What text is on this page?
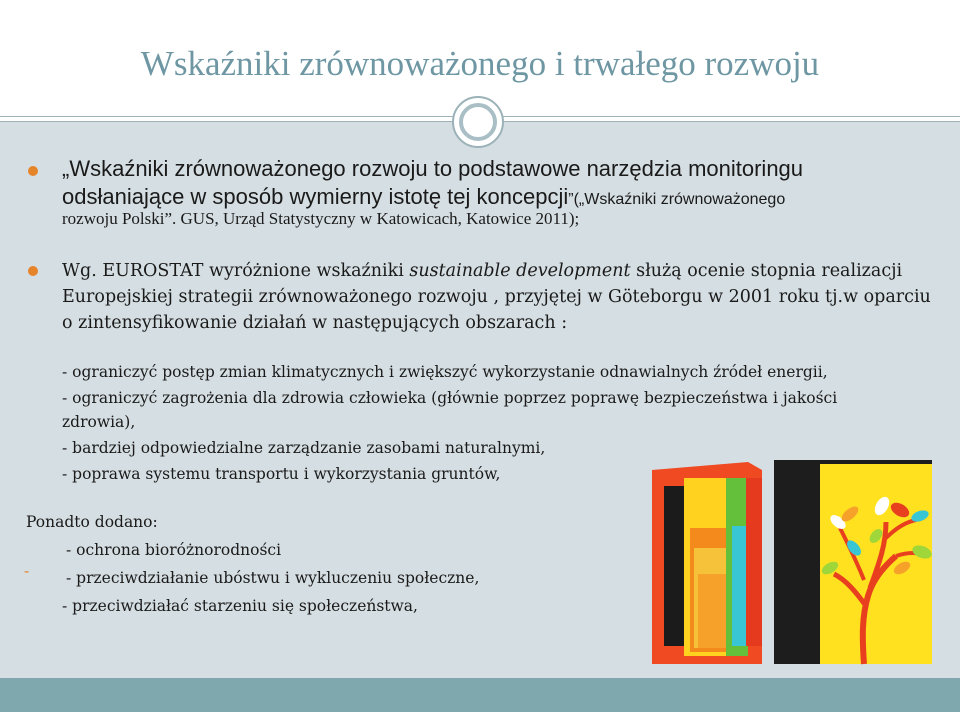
Wskaźniki zrównoważonego i trwałego rozwoju
„Wskaźniki zrównoważonego rozwoju to podstawowe narzędzia monitoringu
odsłaniające w sposób wymierny istotę tej koncepcji”(„Wskaźniki zrównoważonego
rozwoju Polski”. GUS, Urząd Statystyczny w Katowicach, Katowice 2011);
Wg. EUROSTAT wyróżnione wskaźniki sustainable development służą ocenie stopnia realizacji Europejskiej strategii zrównoważonego rozwoju , przyjętej w Göteborgu w 2001 roku tj.w oparciu o zintensyfikowanie działań w następujących obszarach :
- ograniczyć postęp zmian klimatycznych i zwiększyć wykorzystanie odnawialnych źródeł energii,
- ograniczyć zagrożenia dla zdrowia człowieka (głównie poprzez poprawę bezpieczeństwa i jakości zdrowia),
- bardziej odpowiedzialne zarządzanie zasobami naturalnymi,
- poprawa systemu transportu i wykorzystania gruntów,
Ponadto dodano:
- ochrona bioróżnorodności
- przeciwdziałanie ubóstwu i wykluczeniu społeczne,
- przeciwdziałać starzeniu się społeczeństwa,
-
